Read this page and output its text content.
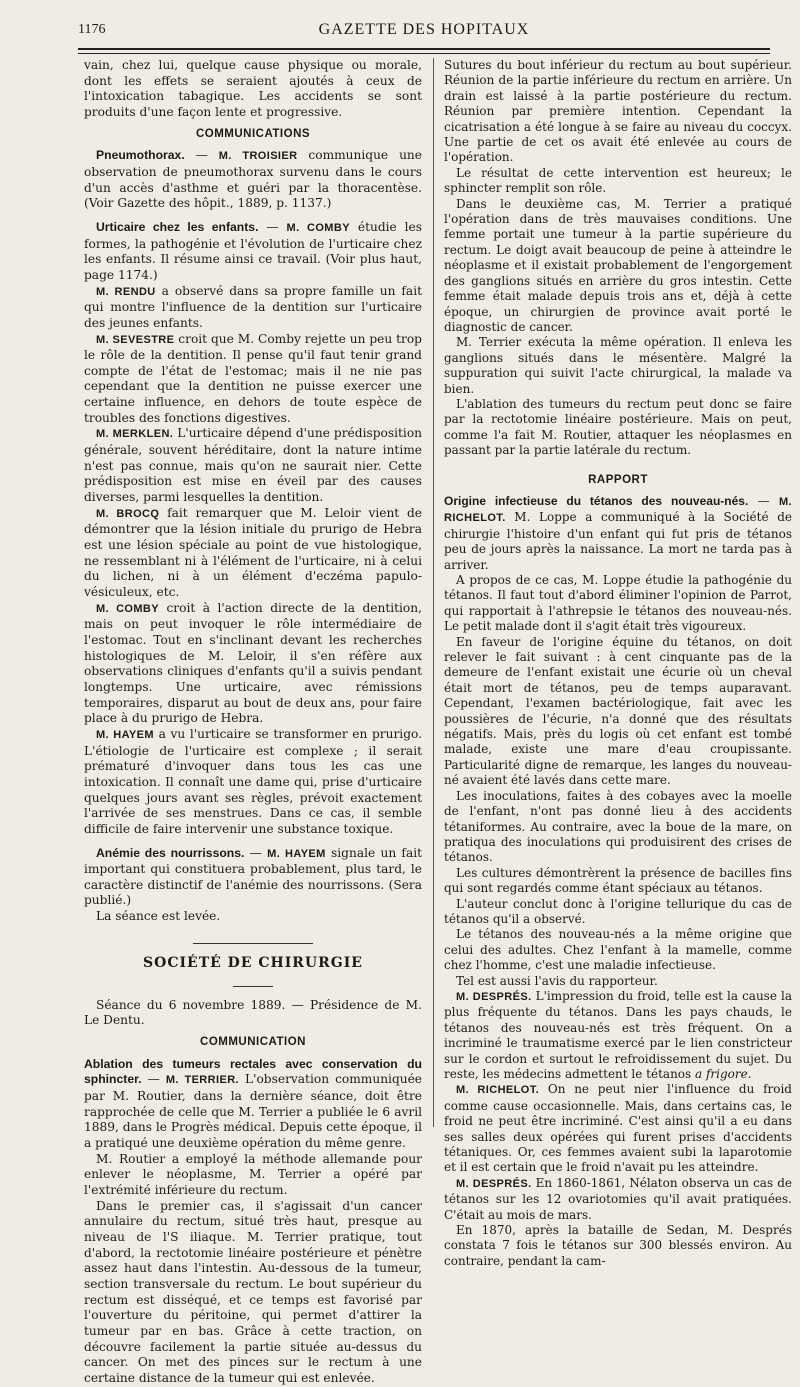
1176	GAZETTE DES HOPITAUX

vain, chez lui, quelque cause physique ou morale, dont les effets se seraient ajoutés à ceux de l'intoxication tabagique. Les accidents se sont produits d'une façon lente et progressive.

COMMUNICATIONS

Pneumothorax. — M. TROISIER communique une observation de pneumothorax survenu dans le cours d'un accès d'asthme et guéri par la thoracentèse. (Voir Gazette des hôpit., 1889, p. 1137.)

Urticaire chez les enfants. — M. COMBY étudie les formes, la pathogénie et l'évolution de l'urticaire chez les enfants. Il résume ainsi ce travail. (Voir plus haut, page 1174.)

M. RENDU a observé dans sa propre famille un fait qui montre l'influence de la dentition sur l'urticaire des jeunes enfants.

M. SEVESTRE croit que M. Comby rejette un peu trop le rôle de la dentition. Il pense qu'il faut tenir grand compte de l'état de l'estomac; mais il ne nie pas cependant que la dentition ne puisse exercer une certaine influence, en dehors de toute espèce de troubles des fonctions digestives.

M. MERKLEN. L'urticaire dépend d'une prédisposition générale, souvent héréditaire, dont la nature intime n'est pas connue, mais qu'on ne saurait nier. Cette prédisposition est mise en éveil par des causes diverses, parmi lesquelles la dentition.

M. BROCQ fait remarquer que M. Leloir vient de démontrer que la lésion initiale du prurigo de Hebra est une lésion spéciale au point de vue histologique, ne ressemblant ni à l'élément de l'urticaire, ni à celui du lichen, ni à un élément d'eczéma papulo-vésiculeux, etc.

M. COMBY croit à l'action directe de la dentition, mais on peut invoquer le rôle intermédiaire de l'estomac. Tout en s'inclinant devant les recherches histologiques de M. Leloir, il s'en réfère aux observations cliniques d'enfants qu'il a suivis pendant longtemps. Une urticaire, avec rémissions temporaires, disparut au bout de deux ans, pour faire place à du prurigo de Hebra.

M. HAYEM a vu l'urticaire se transformer en prurigo. L'étiologie de l'urticaire est complexe ; il serait prématuré d'invoquer dans tous les cas une intoxication. Il connaît une dame qui, prise d'urticaire quelques jours avant ses règles, prévoit exactement l'arrivée de ses menstrues. Dans ce cas, il semble difficile de faire intervenir une substance toxique.

Anémie des nourrissons. — M. HAYEM signale un fait important qui constituera probablement, plus tard, le caractère distinctif de l'anémie des nourrissons. (Sera publié.)

La séance est levée.

SOCIÉTÉ DE CHIRURGIE

Séance du 6 novembre 1889. — Présidence de M. Le Dentu.

COMMUNICATION

Ablation des tumeurs rectales avec conservation du sphincter. — M. TERRIER. L'observation communiquée par M. Routier, dans la dernière séance, doit être rapprochée de celle que M. Terrier a publiée le 6 avril 1889, dans le Progrès médical. Depuis cette époque, il a pratiqué une deuxième opération du même genre.

M. Routier a employé la méthode allemande pour enlever le néoplasme, M. Terrier a opéré par l'extrémité inférieure du rectum.

Dans le premier cas, il s'agissait d'un cancer annulaire du rectum, situé très haut, presque au niveau de l'S iliaque. M. Terrier pratique, tout d'abord, la rectotomie linéaire postérieure et pénètre assez haut dans l'intestin. Au-dessous de la tumeur, section transversale du rectum. Le bout supérieur du rectum est disséqué, et ce temps est favorisé par l'ouverture du péritoine, qui permet d'attirer la tumeur par en bas. Grâce à cette traction, on découvre facilement la partie située au-dessus du cancer. On met des pinces sur le rectum à une certaine distance de la tumeur qui est enlevée.

Sutures du bout inférieur du rectum au bout supérieur. Réunion de la partie inférieure du rectum en arrière. Un drain est laissé à la partie postérieure du rectum. Réunion par première intention. Cependant la cicatrisation a été longue à se faire au niveau du coccyx. Une partie de cet os avait été enlevée au cours de l'opération.

Le résultat de cette intervention est heureux; le sphincter remplit son rôle.

Dans le deuxième cas, M. Terrier a pratiqué l'opération dans de très mauvaises conditions. Une femme portait une tumeur à la partie supérieure du rectum. Le doigt avait beaucoup de peine à atteindre le néoplasme et il existait probablement de l'engorgement des ganglions situés en arrière du gros intestin. Cette femme était malade depuis trois ans et, déjà à cette époque, un chirurgien de province avait porté le diagnostic de cancer.

M. Terrier exécuta la même opération. Il enleva les ganglions situés dans le mésentère. Malgré la suppuration qui suivit l'acte chirurgical, la malade va bien.

L'ablation des tumeurs du rectum peut donc se faire par la rectotomie linéaire postérieure. Mais on peut, comme l'a fait M. Routier, attaquer les néoplasmes en passant par la partie latérale du rectum.

RAPPORT

Origine infectieuse du tétanos des nouveau-nés. — M. RICHELOT. M. Loppe a communiqué à la Société de chirurgie l'histoire d'un enfant qui fut pris de tétanos peu de jours après la naissance. La mort ne tarda pas à arriver.

A propos de ce cas, M. Loppe étudie la pathogénie du tétanos. Il faut tout d'abord éliminer l'opinion de Parrot, qui rapportait à l'athrepsie le tétanos des nouveau-nés. Le petit malade dont il s'agit était très vigoureux.

En faveur de l'origine équine du tétanos, on doit relever le fait suivant : à cent cinquante pas de la demeure de l'enfant existait une écurie où un cheval était mort de tétanos, peu de temps auparavant. Cependant, l'examen bactériologique, fait avec les poussières de l'écurie, n'a donné que des résultats négatifs. Mais, près du logis où cet enfant est tombé malade, existe une mare d'eau croupissante. Particularité digne de remarque, les langes du nouveau-né avaient été lavés dans cette mare.

Les inoculations, faites à des cobayes avec la moelle de l'enfant, n'ont pas donné lieu à des accidents tétaniformes. Au contraire, avec la boue de la mare, on pratiqua des inoculations qui produisirent des crises de tétanos.

Les cultures démontrèrent la présence de bacilles fins qui sont regardés comme étant spéciaux au tétanos.

L'auteur conclut donc à l'origine tellurique du cas de tétanos qu'il a observé.

Le tétanos des nouveau-nés a la même origine que celui des adultes. Chez l'enfant à la mamelle, comme chez l'homme, c'est une maladie infectieuse.

Tel est aussi l'avis du rapporteur.

M. DESPRÉS. L'impression du froid, telle est la cause la plus fréquente du tétanos. Dans les pays chauds, le tétanos des nouveau-nés est très fréquent. On a incriminé le traumatisme exercé par le lien constricteur sur le cordon et surtout le refroidissement du sujet. Du reste, les médecins admettent le tétanos a frigore.

M. RICHELOT. On ne peut nier l'influence du froid comme cause occasionnelle. Mais, dans certains cas, le froid ne peut être incriminé. C'est ainsi qu'il a eu dans ses salles deux opérées qui furent prises d'accidents tétaniques. Or, ces femmes avaient subi la laparotomie et il est certain que le froid n'avait pu les atteindre.

M. DESPRÉS. En 1860-1861, Nélaton observa un cas de tétanos sur les 12 ovariotomies qu'il avait pratiquées. C'était au mois de mars.

En 1870, après la bataille de Sedan, M. Després constata 7 fois le tétanos sur 300 blessés environ. Au contraire, pendant la cam-
